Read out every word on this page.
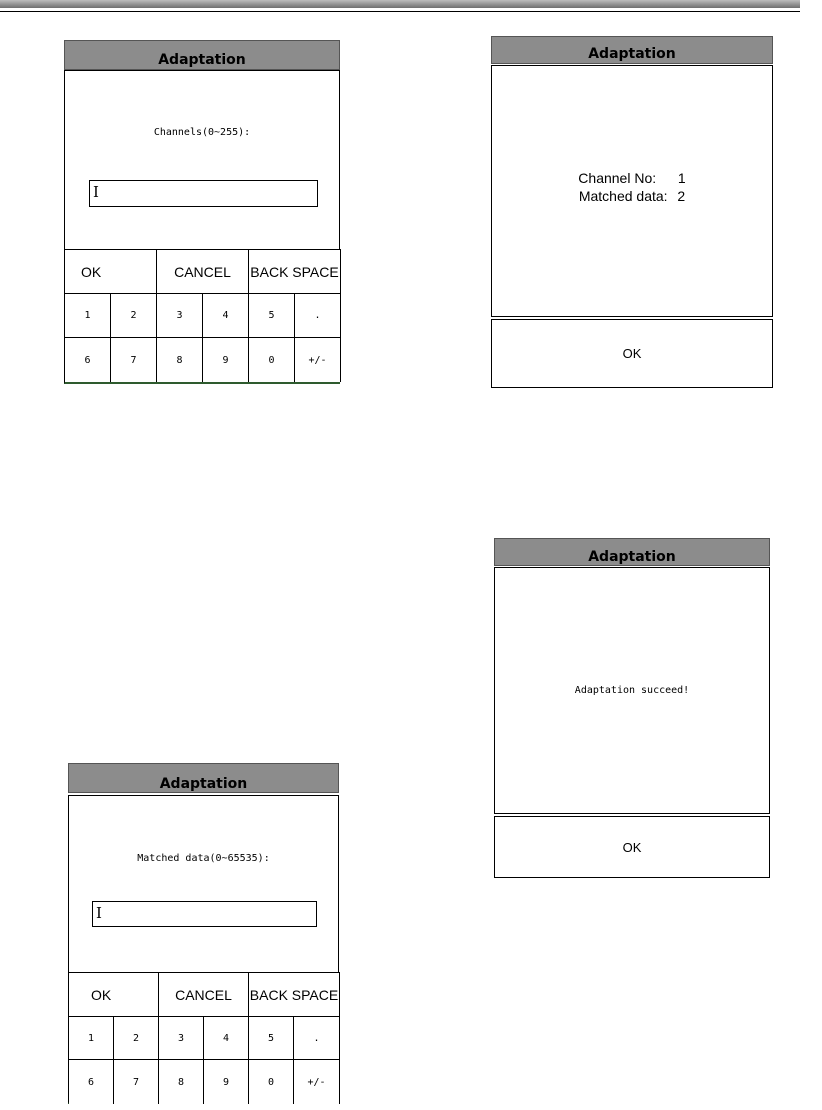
Adaptation
Channels(0~255):
I
OK	CANCEL	BACK SPACE
1	2	3	4	5	.
6	7	8	9	0	+/-
Adaptation
Channel No: 1
Matched data: 2
OK
Adaptation
Matched data(0~65535):
I
OK	CANCEL	BACK SPACE
1	2	3	4	5	.
6	7	8	9	0	+/-
Adaptation
Adaptation succeed!
OK
